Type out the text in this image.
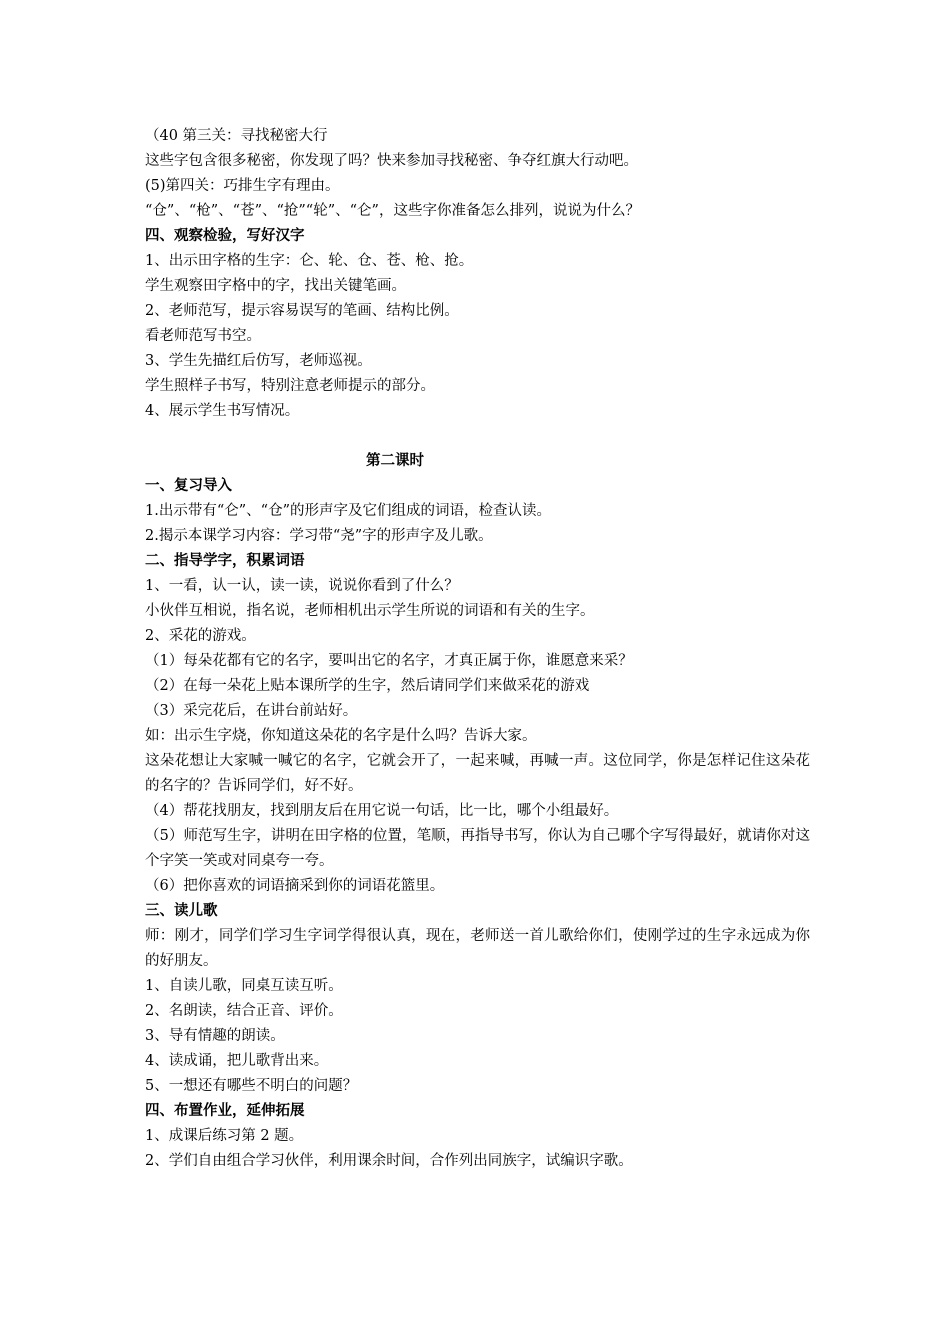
（40 第三关：寻找秘密大行
这些字包含很多秘密，你发现了吗？快来参加寻找秘密、争夺红旗大行动吧。
(5)第四关：巧排生字有理由。
“仓”、“枪”、“苍”、“抢”“轮”、“仑”，这些字你准备怎么排列，说说为什么？
四、观察检验，写好汉字
1、出示田字格的生字：仑、轮、仓、苍、枪、抢。
学生观察田字格中的字，找出关键笔画。
2、老师范写，提示容易误写的笔画、结构比例。
看老师范写书空。
3、学生先描红后仿写，老师巡视。
学生照样子书写，特别注意老师提示的部分。
4、展示学生书写情况。
第二课时
一、复习导入
1.出示带有“仑”、“仓”的形声字及它们组成的词语，检查认读。
2.揭示本课学习内容：学习带“尧”字的形声字及儿歌。
二、指导学字，积累词语
1、一看，认一认，读一读，说说你看到了什么？
小伙伴互相说，指名说，老师相机出示学生所说的词语和有关的生字。
2、采花的游戏。
（1）每朵花都有它的名字，要叫出它的名字，才真正属于你，谁愿意来采？
（2）在每一朵花上贴本课所学的生字，然后请同学们来做采花的游戏
（3）采完花后，在讲台前站好。
如：出示生字烧，你知道这朵花的名字是什么吗？告诉大家。
这朵花想让大家喊一喊它的名字，它就会开了，一起来喊，再喊一声。这位同学，你是怎样记住这朵花的名字的？告诉同学们，好不好。
（4）帮花找朋友，找到朋友后在用它说一句话，比一比，哪个小组最好。
（5）师范写生字，讲明在田字格的位置，笔顺，再指导书写，你认为自己哪个字写得最好，就请你对这个字笑一笑或对同桌夸一夸。
（6）把你喜欢的词语摘采到你的词语花篮里。
三、读儿歌
师：刚才，同学们学习生字词学得很认真，现在，老师送一首儿歌给你们，使刚学过的生字永远成为你的好朋友。
1、自读儿歌，同桌互读互听。
2、名朗读，结合正音、评价。
3、导有情趣的朗读。
4、读成诵，把儿歌背出来。
5、一想还有哪些不明白的问题？
四、布置作业，延伸拓展
1、成课后练习第 2 题。
2、学们自由组合学习伙伴，利用课余时间，合作列出同族字，试编识字歌。
